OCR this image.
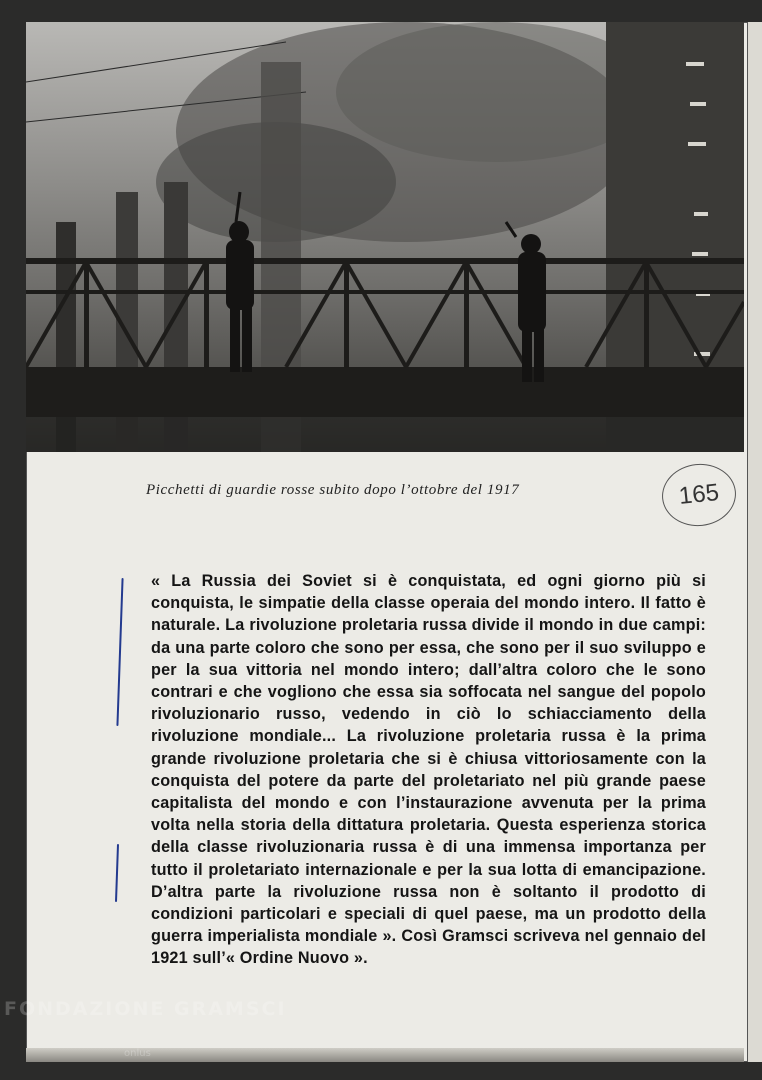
Picchetti di guardie rosse subito dopo l’ottobre del 1917	165
« La Russia dei Soviet si è conquistata, ed ogni giorno più si conquista, le simpatie della classe operaia del mondo intero. Il fatto è naturale. La rivoluzione proletaria russa divide il mondo in due campi: da una parte coloro che sono per essa, che sono per il suo sviluppo e per la sua vittoria nel mondo intero; dall’altra coloro che le sono contrari e che vogliono che essa sia soffocata nel sangue del popolo rivoluzionario russo, vedendo in ciò lo schiacciamento della rivoluzione mondiale... La rivoluzione proletaria russa è la prima grande rivoluzione proletaria che si è chiusa vittoriosamente con la conquista del potere da parte del proletariato nel più grande paese capitalista del mondo e con l’instaurazione avvenuta per la prima volta nella storia della dittatura proletaria. Questa esperienza storica della classe rivoluzionaria russa è di una immensa importanza per tutto il proletariato internazionale e per la sua lotta di emancipazione. D’altra parte la rivoluzione russa non è soltanto il prodotto di condizioni particolari e speciali di quel paese, ma un prodotto della guerra imperialista mondiale ». Così Gramsci scriveva nel gennaio del 1921 sull’« Ordine Nuovo ».
FONDAZIONE GRAMSCI
onlus
